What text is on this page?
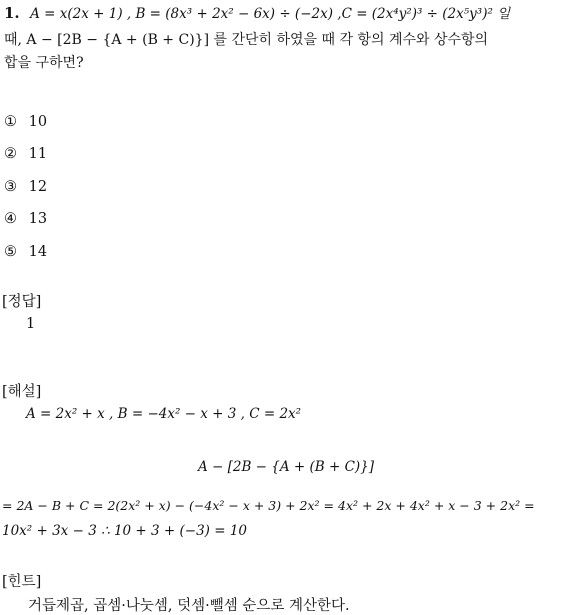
1. A = x(2x + 1) , B = (8x³ + 2x² − 6x) ÷ (−2x) ,C = (2x⁴y²)³ ÷ (2x⁵y³)² 일
때, A − [2B − {A + (B + C)}] 를 간단히 하였을 때 각 항의 계수와 상수항의
합을 구하면?
① 10
② 11
③ 12
④ 13
⑤ 14
[정답]
1
[해설]
A = 2x² + x , B = −4x² − x + 3 , C = 2x²
A − [2B − {A + (B + C)}]
= 2A − B + C = 2(2x² + x) − (−4x² − x + 3) + 2x² = 4x² + 2x + 4x² + x − 3 + 2x² =
10x² + 3x − 3 ∴ 10 + 3 + (−3) = 10
[힌트]
거듭제곱, 곱셈·나눗셈, 덧셈·뺄셈 순으로 계산한다.
